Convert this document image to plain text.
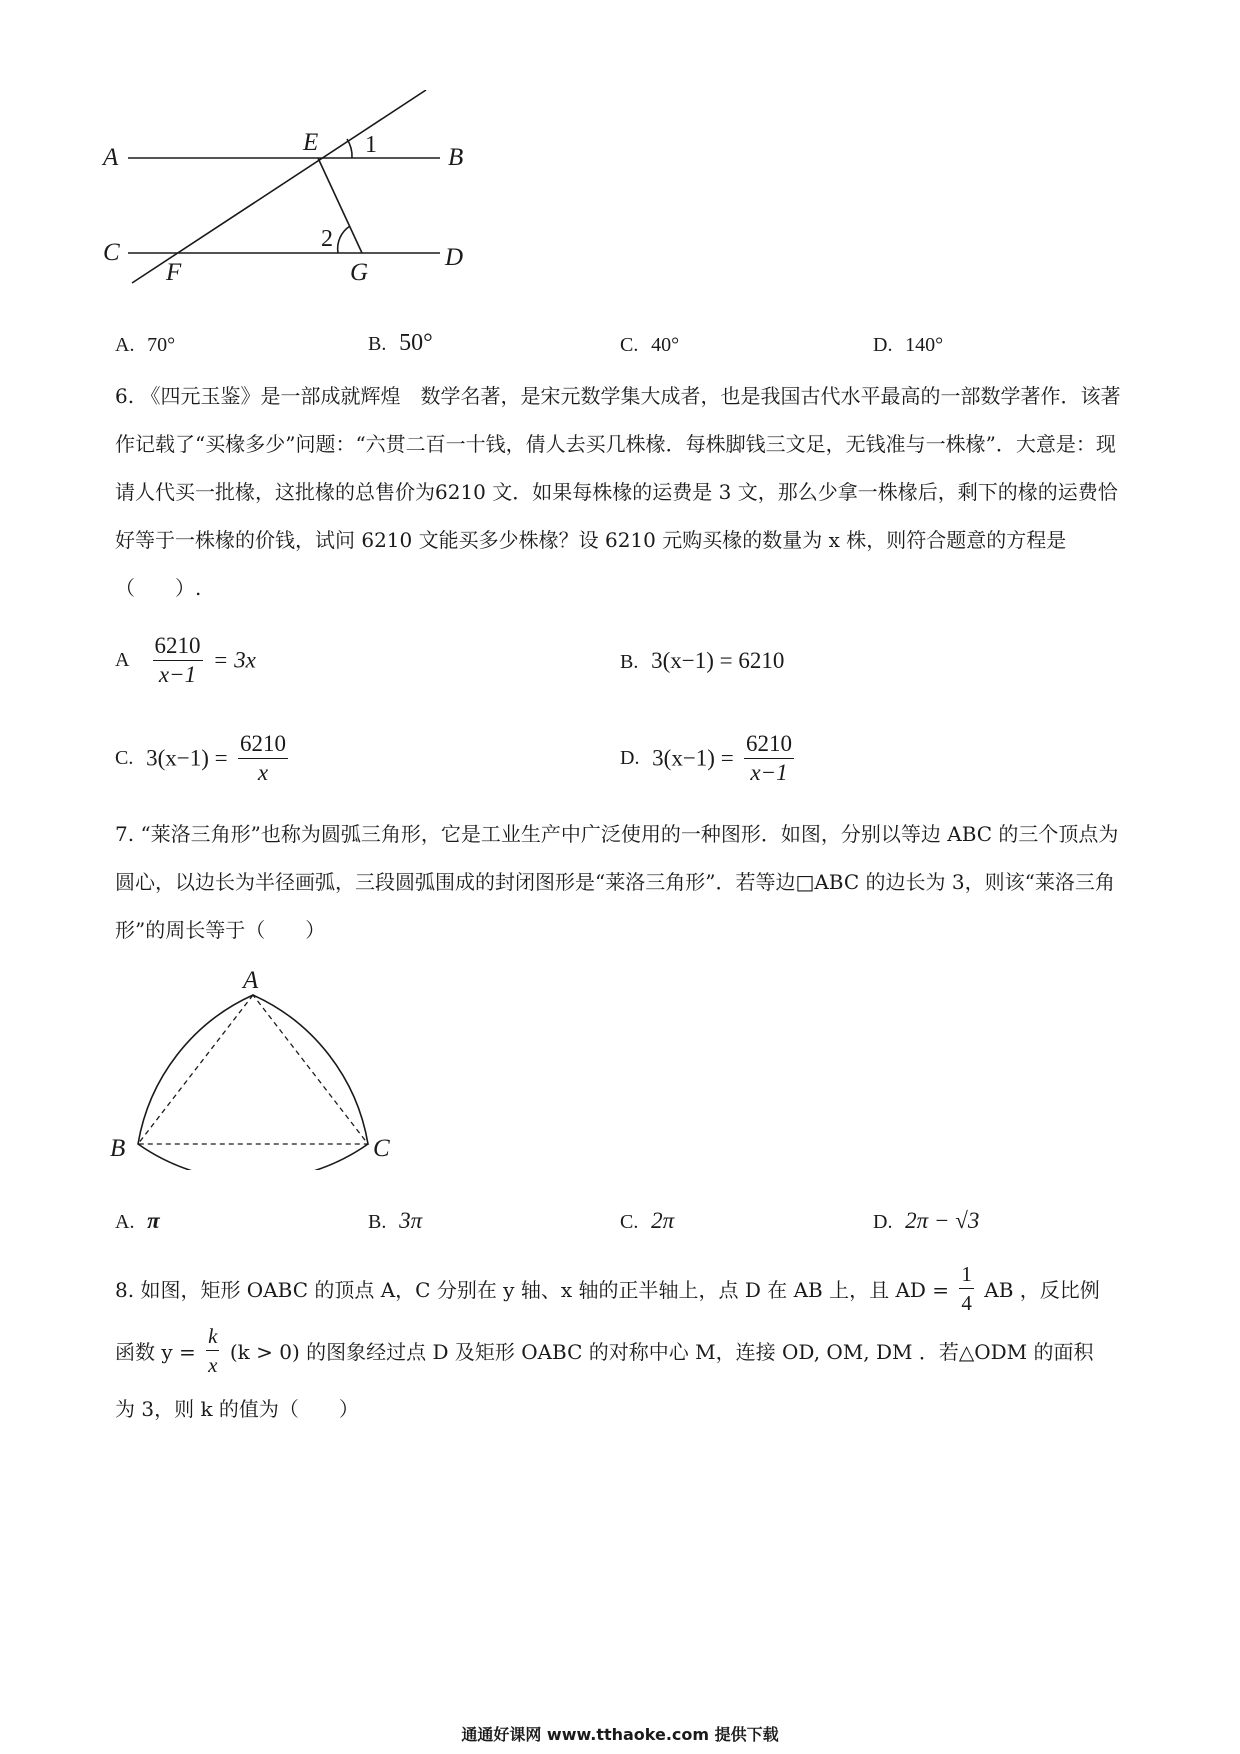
A
E 1	B
C	2
D
F	G
A. 70°	B. 50°	C. 40°	D. 140°
6. 《四元玉鉴》是一部成就辉煌　数学名著，是宋元数学集大成者，也是我国古代水平最高的一部数学著作．该著作记载了“买椽多少”问题：“六贯二百一十钱，倩人去买几株椽．每株脚钱三文足，无钱准与一株椽”．大意是：现请人代买一批椽，这批椽的总售价为6210 文．如果每株椽的运费是 3 文，那么少拿一株椽后，剩下的椽的运费恰好等于一株椽的价钱，试问 6210 文能买多少株椽？设 6210 元购买椽的数量为 x 株，则符合题意的方程是（　　）.
A $\frac{6210}{x-1} = 3x$	B. 3(x−1) = 6210
C. $3(x-1) = \frac{6210}{x}$	D. $3(x-1) = \frac{6210}{x-1}$
7. “莱洛三角形”也称为圆弧三角形，它是工业生产中广泛使用的一种图形．如图，分别以等边 ABC 的三个顶点为圆心，以边长为半径画弧，三段圆弧围成的封闭图形是“莱洛三角形”．若等边□ABC 的边长为 3，则该“莱洛三角形”的周长等于（　　）
A
B	C
A. π	B. 3π	C. 2π	D. 2π − √3
8. 如图，矩形 OABC 的顶点 A，C 分别在 y 轴、x 轴的正半轴上，点 D 在 AB 上，且 AD = $\frac{1}{4}$ AB ，反比例
函数 $y = \frac{k}{x} (k > 0)$ 的图象经过点 D 及矩形 OABC 的对称中心 M，连接 OD, OM, DM ．若△ODM 的面积
为 3，则 k 的值为（　　）
通通好课网 www.tthaoke.com 提供下载
